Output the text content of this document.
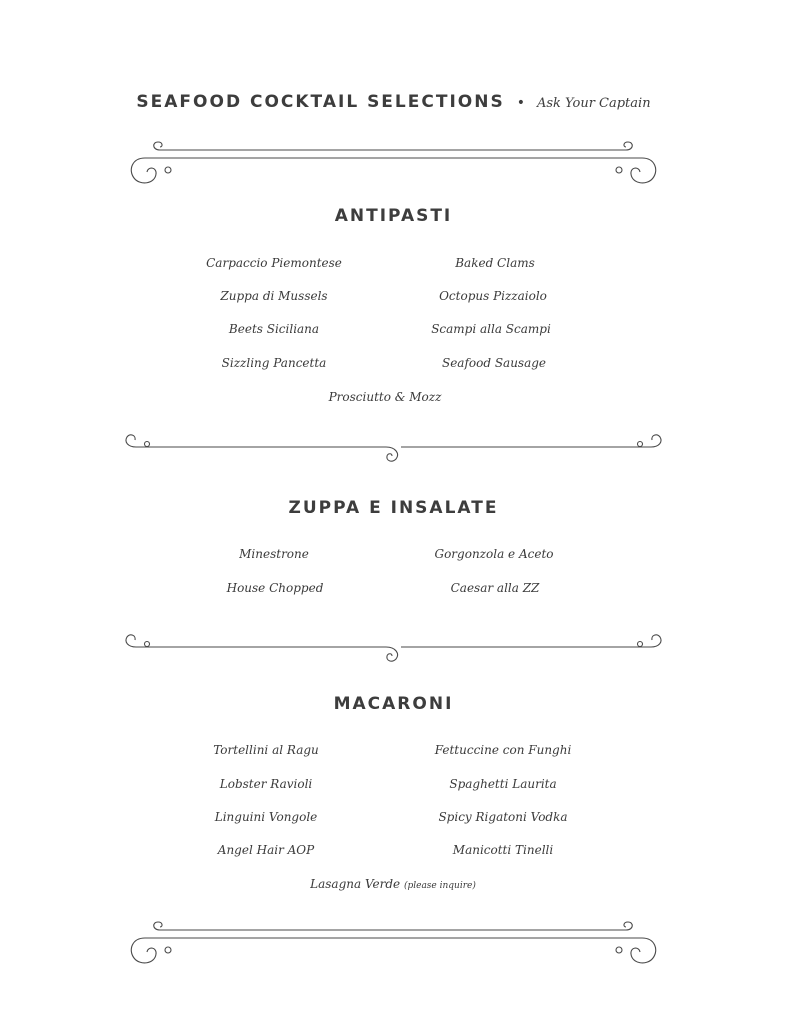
SEAFOOD COCKTAIL SELECTIONS • Ask Your Captain
ANTIPASTI
Carpaccio Piemontese	Baked Clams
Zuppa di Mussels	Octopus Pizzaiolo
Beets Siciliana	Scampi alla Scampi
Sizzling Pancetta	Seafood Sausage
Prosciutto & Mozz
ZUPPA E INSALATE
Minestrone	Gorgonzola e Aceto
House Chopped	Caesar alla ZZ
MACARONI
Tortellini al Ragu	Fettuccine con Funghi
Lobster Ravioli	Spaghetti Laurita
Linguini Vongole	Spicy Rigatoni Vodka
Angel Hair AOP	Manicotti Tinelli
Lasagna Verde (please inquire)
